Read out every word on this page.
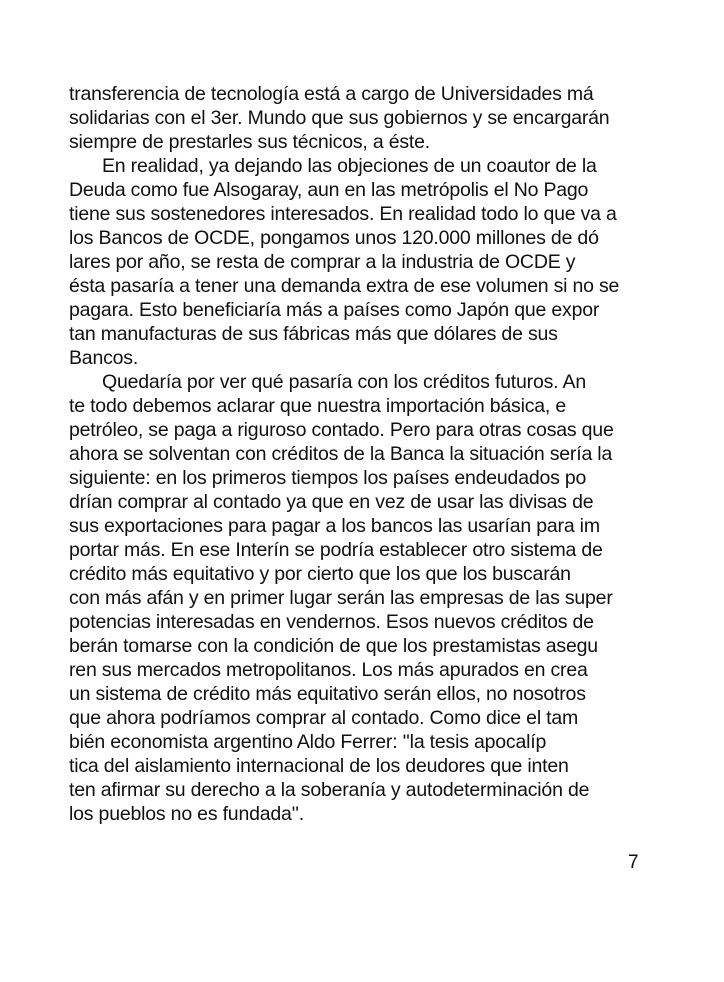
transferencia de tecnología está a cargo de Universidades má
solidarias con el 3er. Mundo que sus gobiernos y se encargarán
siempre de prestarles sus técnicos, a éste.
En realidad, ya dejando las objeciones de un coautor de la
Deuda como fue Alsogaray, aun en las metrópolis el No Pago
tiene sus sostenedores interesados. En realidad todo lo que va a
los Bancos de OCDE, pongamos unos 120.000 millones de dó
lares por año, se resta de comprar a la industria de OCDE y
ésta pasaría a tener una demanda extra de ese volumen si no se
pagara. Esto beneficiaría más a países como Japón que expor
tan manufacturas de sus fábricas más que dólares de sus
Bancos.
Quedaría por ver qué pasaría con los créditos futuros. An
te todo debemos aclarar que nuestra importación básica, e
petróleo, se paga a riguroso contado. Pero para otras cosas que
ahora se solventan con créditos de la Banca la situación sería la
siguiente: en los primeros tiempos los países endeudados po
drían comprar al contado ya que en vez de usar las divisas de
sus exportaciones para pagar a los bancos las usarían para im
portar más. En ese Interín se podría establecer otro sistema de
crédito más equitativo y por cierto que los que los buscarán
con más afán y en primer lugar serán las empresas de las super
potencias interesadas en vendernos. Esos nuevos créditos de
berán tomarse con la condición de que los prestamistas asegu
ren sus mercados metropolitanos. Los más apurados en crea
un sistema de crédito más equitativo serán ellos, no nosotros
que ahora podríamos comprar al contado. Como dice el tam
bién economista argentino Aldo Ferrer: ''la tesis apocalíp
tica del aislamiento internacional de los deudores que inten
ten afirmar su derecho a la soberanía y autodeterminación de
los pueblos no es fundada''.
7
